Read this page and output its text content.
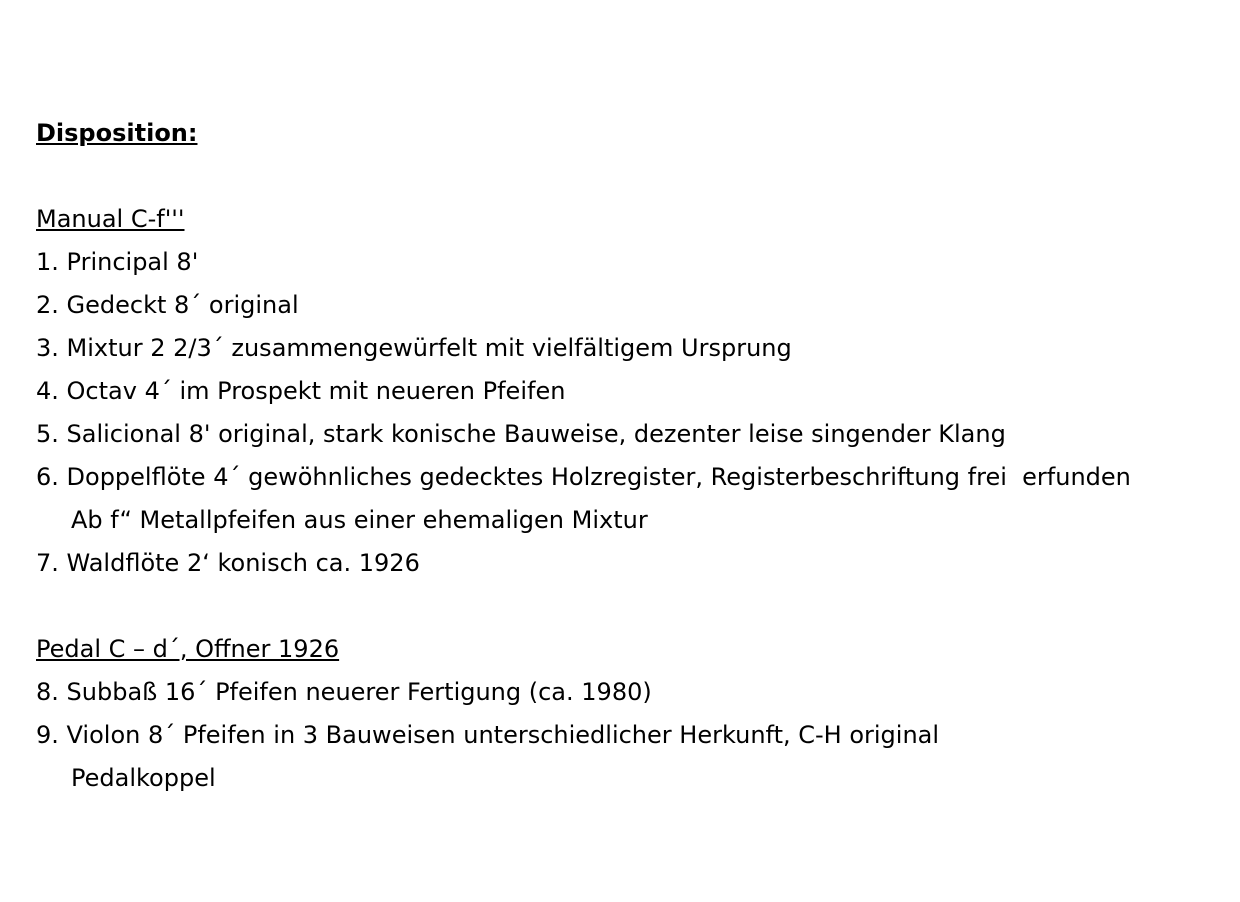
Disposition:
Manual C-f'''
1. Principal 8'
2. Gedeckt 8´ original
3. Mixtur 2 2/3´ zusammengewürfelt mit vielfältigem Ursprung
4. Octav 4´ im Prospekt mit neueren Pfeifen
5. Salicional 8' original, stark konische Bauweise, dezenter leise singender Klang
6. Doppelflöte 4´ gewöhnliches gedecktes Holzregister, Registerbeschriftung frei  erfunden
Ab f“ Metallpfeifen aus einer ehemaligen Mixtur
7. Waldflöte 2‘ konisch ca. 1926
Pedal C – d´, Offner 1926
8. Subbaß 16´ Pfeifen neuerer Fertigung (ca. 1980)
9. Violon 8´ Pfeifen in 3 Bauweisen unterschiedlicher Herkunft, C-H original
Pedalkoppel
